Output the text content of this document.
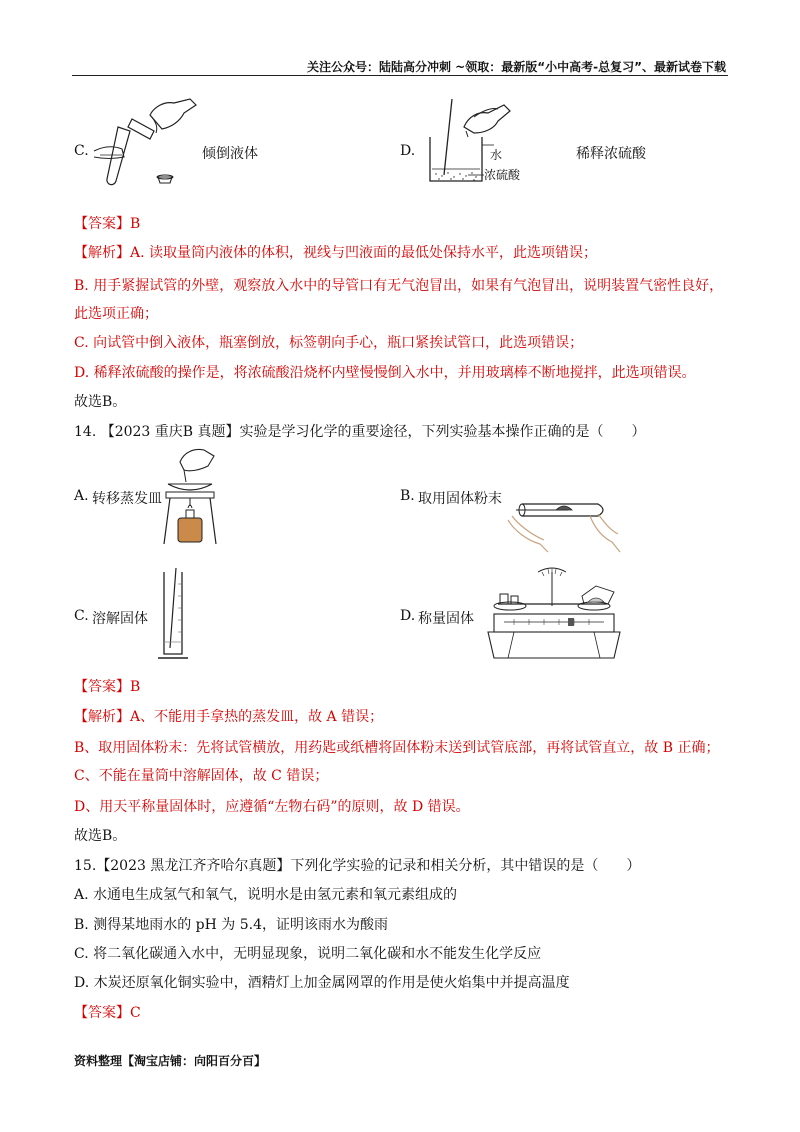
关注公众号：陆陆高分冲刺 ~领取：最新版“小中高考-总复习”、最新试卷下载
C.	倾倒液体	D.	水
浓硫酸
稀释浓硫酸
【答案】B
【解析】A. 读取量筒内液体的体积，视线与凹液面的最低处保持水平，此选项错误；
B. 用手紧握试管的外壁，观察放入水中的导管口有无气泡冒出，如果有气泡冒出，说明装置气密性良好，
此选项正确；
C. 向试管中倒入液体，瓶塞倒放，标签朝向手心，瓶口紧挨试管口，此选项错误；
D. 稀释浓硫酸的操作是，将浓硫酸沿烧杯内壁慢慢倒入水中，并用玻璃棒不断地搅拌，此选项错误。
故选B。
14. 【2023 重庆B 真题】实验是学习化学的重要途径，下列实验基本操作正确的是（　　）
A. 转移蒸发皿	B. 取用固体粉末
C. 溶解固体	D. 称量固体
【答案】B
【解析】A、不能用手拿热的蒸发皿，故 A 错误；
B、取用固体粉末：先将试管横放，用药匙或纸槽将固体粉末送到试管底部，再将试管直立，故 B 正确；
C、不能在量筒中溶解固体，故 C 错误；
D、用天平称量固体时，应遵循“左物右码”的原则，故 D 错误。
故选B。
15.【2023 黑龙江齐齐哈尔真题】下列化学实验的记录和相关分析，其中错误的是（　　）
A. 水通电生成氢气和氧气，说明水是由氢元素和氧元素组成的
B. 测得某地雨水的 pH 为 5.4，证明该雨水为酸雨
C. 将二氧化碳通入水中，无明显现象，说明二氧化碳和水不能发生化学反应
D. 木炭还原氧化铜实验中，酒精灯上加金属网罩的作用是使火焰集中并提高温度
【答案】C
资料整理【淘宝店铺：向阳百分百】
